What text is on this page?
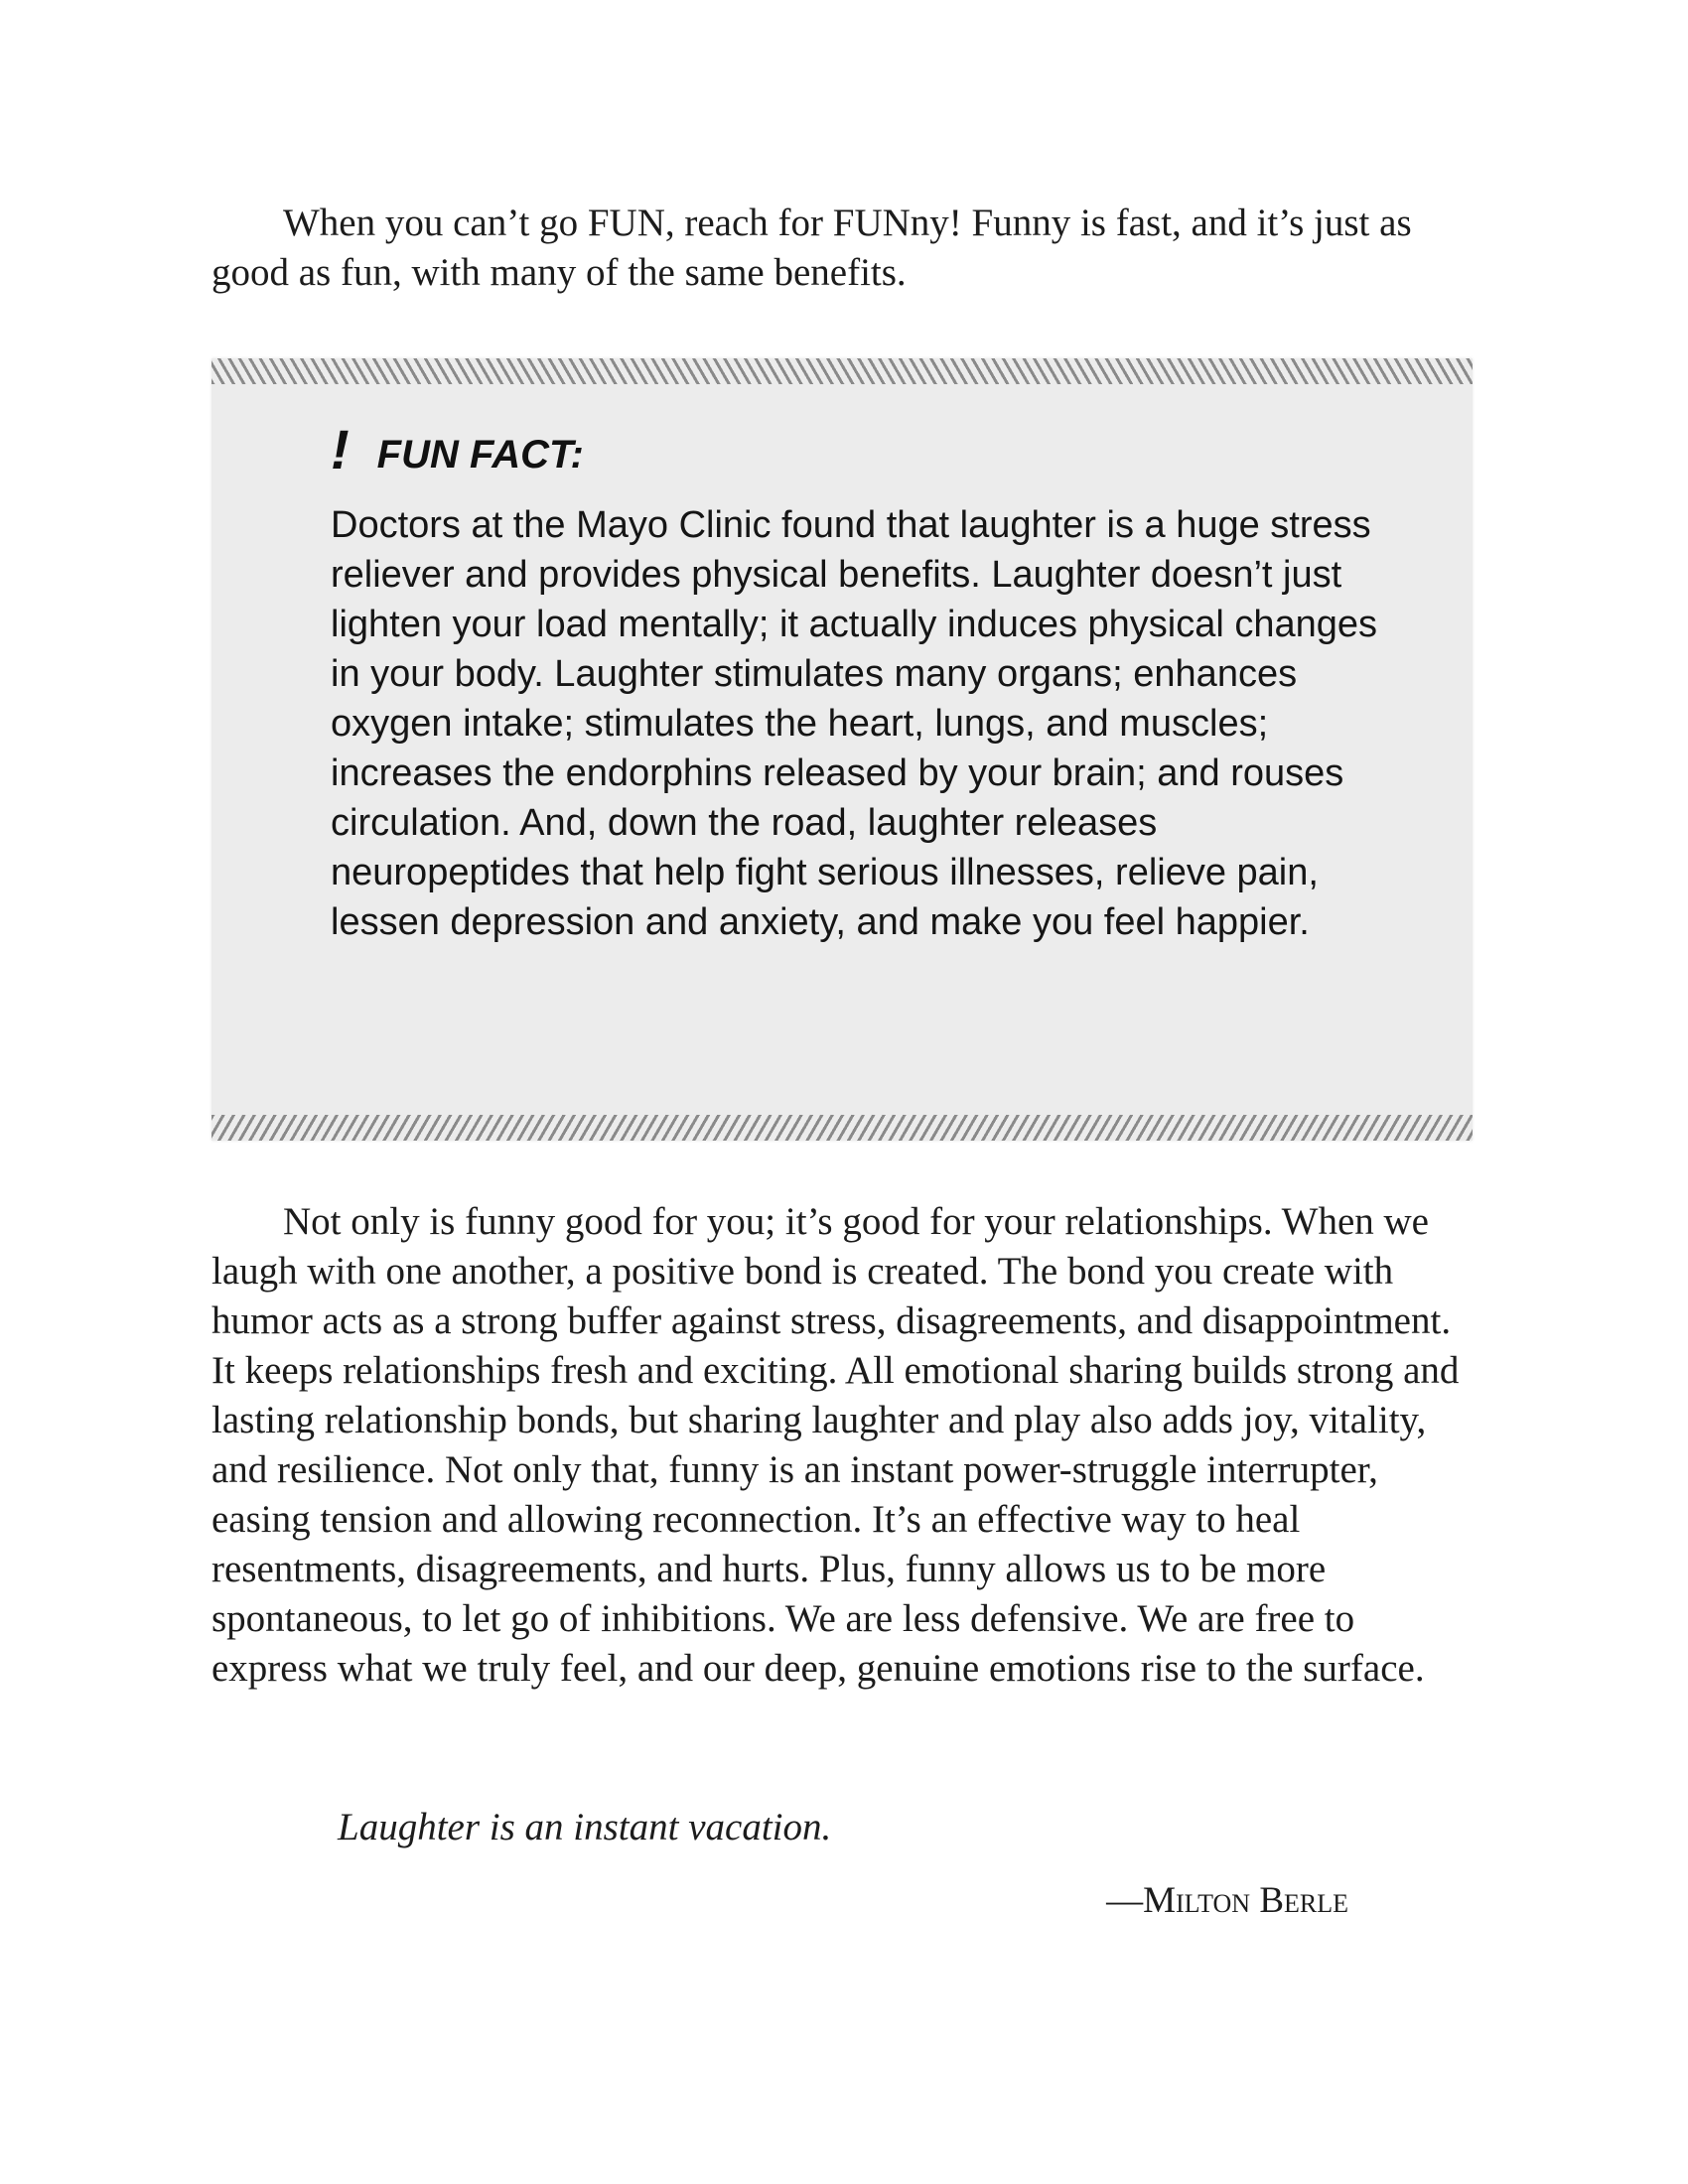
When you can’t go FUN, reach for FUNny! Funny is fast, and it’s just as good as fun, with many of the same benefits.

! FUN FACT:

Doctors at the Mayo Clinic found that laughter is a huge stress reliever and provides physical benefits. Laughter doesn’t just lighten your load mentally; it actually induces physical changes in your body. Laughter stimulates many organs; enhances oxygen intake; stimulates the heart, lungs, and muscles; increases the endorphins released by your brain; and rouses circulation. And, down the road, laughter releases neuropeptides that help fight serious illnesses, relieve pain, lessen depression and anxiety, and make you feel happier.

Not only is funny good for you; it’s good for your relationships. When we laugh with one another, a positive bond is created. The bond you create with humor acts as a strong buffer against stress, disagreements, and disappointment. It keeps relationships fresh and exciting. All emotional sharing builds strong and lasting relationship bonds, but sharing laughter and play also adds joy, vitality, and resilience. Not only that, funny is an instant power-struggle interrupter, easing tension and allowing reconnection. It’s an effective way to heal resentments, disagreements, and hurts. Plus, funny allows us to be more spontaneous, to let go of inhibitions. We are less defensive. We are free to express what we truly feel, and our deep, genuine emotions rise to the surface.

Laughter is an instant vacation.

—Milton Berle
